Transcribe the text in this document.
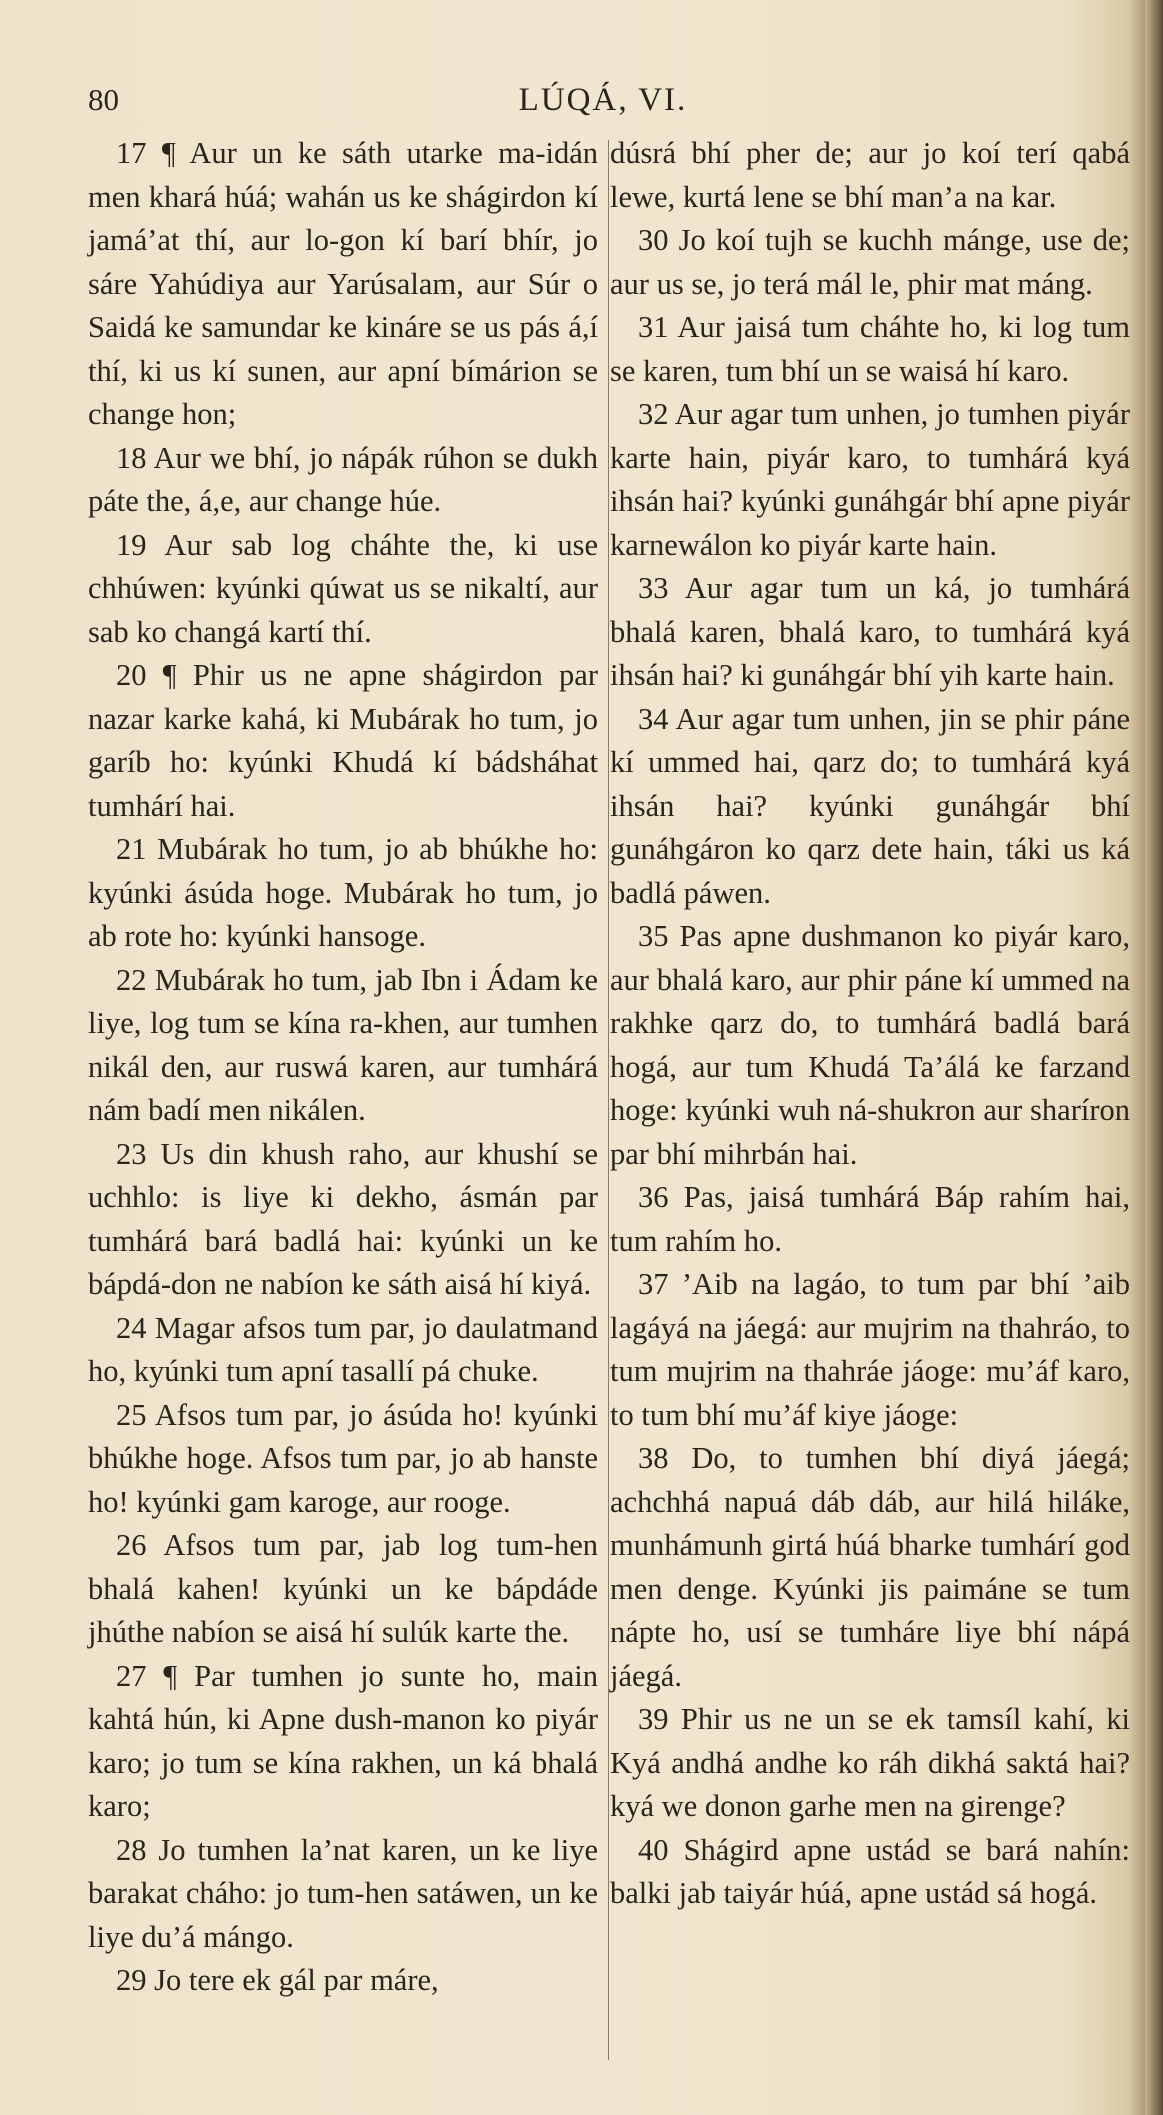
80	LÚQÁ, VI.

17 ¶ Aur un ke sáth utarke ma-idán men khará húá; wahán us ke shágirdon kí jamá’at thí, aur lo-gon kí barí bhír, jo sáre Yahúdiya aur Yarúsalam, aur Súr o Saidá ke samundar ke kináre se us pás á,í thí, ki us kí sunen, aur apní bímárion se change hon;

18 Aur we bhí, jo nápák rúhon se dukh páte the, á,e, aur change húe.

19 Aur sab log cháhte the, ki use chhúwen: kyúnki qúwat us se nikaltí, aur sab ko changá kartí thí.

20 ¶ Phir us ne apne shágirdon par nazar karke kahá, ki Mubárak ho tum, jo garíb ho: kyúnki Khudá kí bádsháhat tumhárí hai.

21 Mubárak ho tum, jo ab bhúkhe ho: kyúnki ásúda hoge. Mubárak ho tum, jo ab rote ho: kyúnki hansoge.

22 Mubárak ho tum, jab Ibn i Ádam ke liye, log tum se kína ra-khen, aur tumhen nikál den, aur ruswá karen, aur tumhárá nám badí men nikálen.

23 Us din khush raho, aur khushí se uchhlo: is liye ki dekho, ásmán par tumhárá bará badlá hai: kyúnki un ke bápdá-don ne nabíon ke sáth aisá hí kiyá.

24 Magar afsos tum par, jo daulatmand ho, kyúnki tum apní tasallí pá chuke.

25 Afsos tum par, jo ásúda ho! kyúnki bhúkhe hoge. Afsos tum par, jo ab hanste ho! kyúnki gam karoge, aur rooge.

26 Afsos tum par, jab log tum-hen bhalá kahen! kyúnki un ke bápdáde jhúthe nabíon se aisá hí sulúk karte the.

27 ¶ Par tumhen jo sunte ho, main kahtá hún, ki Apne dush-manon ko piyár karo; jo tum se kína rakhen, un ká bhalá karo;

28 Jo tumhen la’nat karen, un ke liye barakat cháho: jo tum-hen satáwen, un ke liye du’á mángo.

29 Jo tere ek gál par máre,

dúsrá bhí pher de; aur jo koí terí qabá lewe, kurtá lene se bhí man’a na kar.

30 Jo koí tujh se kuchh mánge, use de; aur us se, jo terá mál le, phir mat máng.

31 Aur jaisá tum cháhte ho, ki log tum se karen, tum bhí un se waisá hí karo.

32 Aur agar tum unhen, jo tumhen piyár karte hain, piyár karo, to tumhárá kyá ihsán hai? kyúnki gunáhgár bhí apne piyár karnewálon ko piyár karte hain.

33 Aur agar tum un ká, jo tumhárá bhalá karen, bhalá karo, to tumhárá kyá ihsán hai? ki gunáhgár bhí yih karte hain.

34 Aur agar tum unhen, jin se phir páne kí ummed hai, qarz do; to tumhárá kyá ihsán hai? kyúnki gunáhgár bhí gunáhgáron ko qarz dete hain, táki us ká badlá páwen.

35 Pas apne dushmanon ko piyár karo, aur bhalá karo, aur phir páne kí ummed na rakhke qarz do, to tumhárá badlá bará hogá, aur tum Khudá Ta’álá ke farzand hoge: kyúnki wuh ná-shukron aur sharíron par bhí mihrbán hai.

36 Pas, jaisá tumhárá Báp rahím hai, tum rahím ho.

37 ’Aib na lagáo, to tum par bhí ’aib lagáyá na jáegá: aur mujrim na thahráo, to tum mujrim na thahráe jáoge: mu’áf karo, to tum bhí mu’áf kiye jáoge:

38 Do, to tumhen bhí diyá jáegá; achchhá napuá dáb dáb, aur hilá hiláke, munhámunh girtá húá bharke tumhárí god men denge. Kyúnki jis paimáne se tum nápte ho, usí se tumháre liye bhí nápá jáegá.

39 Phir us ne un se ek tamsíl kahí, ki Kyá andhá andhe ko ráh dikhá saktá hai? kyá we donon garhe men na girenge?

40 Shágird apne ustád se bará nahín: balki jab taiyár húá, apne ustád sá hogá.
